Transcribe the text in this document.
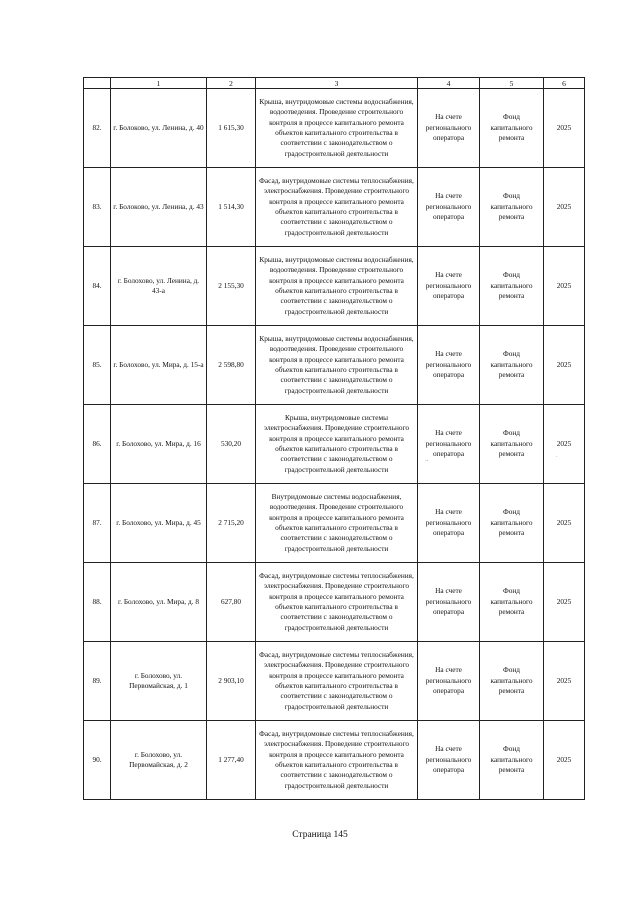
	1	2	3	4	5	6
82.	г. Болоково, ул. Ленина, д. 40	1 615,30	Крыша, внутридомовые системы водоснабжения, водоотведения. Проведение строительного контроля в процессе капитального ремонта объектов капитального строительства в соответствии с законодательством о градостроительной деятельности	На счете регионального оператора	Фонд капитального ремонта	2025
83.	г. Болоково, ул. Ленина, д. 43	1 514,30	Фасад, внутридомовые системы теплоснабжения, электроснабжения. Проведение строительного контроля в процессе капитального ремонта объектов капитального строительства в соответствии с законодательством о градостроительной деятельности	На счете регионального оператора	Фонд капитального ремонта	2025
84.	г. Болохово, ул. Ленина, д. 43-а	2 155,30	Крыша, внутридомовые системы водоснабжения, водоотведения. Проведение строительного контроля в процессе капитального ремонта объектов капитального строительства в соответствии с законодательством о градостроительной деятельности	На счете регионального оператора	Фонд капитального ремонта	2025
85.	г. Болохово, ул. Мира, д. 15-а	2 598,80	Крыша, внутридомовые системы водоснабжения, водоотведения. Проведение строительного контроля в процессе капитального ремонта объектов капитального строительства в соответствии с законодательством о градостроительной деятельности	На счете регионального оператора	Фонд капитального ремонта	2025
86.	г. Болохово, ул. Мира, д. 16	530,20	Крыша, внутридомовые системы электроснабжения. Проведение строительного контроля в процессе капитального ремонта объектов капитального строительства в соответствии с законодательством о градостроительной деятельности	На счете регионального оператора	Фонд капитального ремонта	2025
87.	г. Болохово, ул. Мира, д. 45	2 715,20	Внутридомовые системы водоснабжения, водоотведения. Проведение строительного контроля в процессе капитального ремонта объектов капитального строительства в соответствии с законодательством о градостроительной деятельности	На счете регионального оператора	Фонд капитального ремонта	2025
88.	г. Болохово, ул. Мира, д. 8	627,80	Фасад, внутридомовые системы теплоснабжения, электроснабжения. Проведение строительного контроля в процессе капитального ремонта объектов капитального строительства в соответствии с законодательством о градостроительной деятельности	На счете регионального оператора	Фонд капитального ремонта	2025
89.	г. Болохово, ул. Первомайская, д. 1	2 903,10	Фасад, внутридомовые системы теплоснабжения, электроснабжения. Проведение строительного контроля в процессе капитального ремонта объектов капитального строительства в соответствии с законодательством о градостроительной деятельности	На счете регионального оператора	Фонд капитального ремонта	2025
90.	г. Болохово, ул. Первомайская, д. 2	1 277,40	Фасад, внутридомовые системы теплоснабжения, электроснабжения. Проведение строительного контроля в процессе капитального ремонта объектов капитального строительства в соответствии с законодательством о градостроительной деятельности	На счете регионального оператора	Фонд капитального ремонта	2025
·-
·
Страница 145
